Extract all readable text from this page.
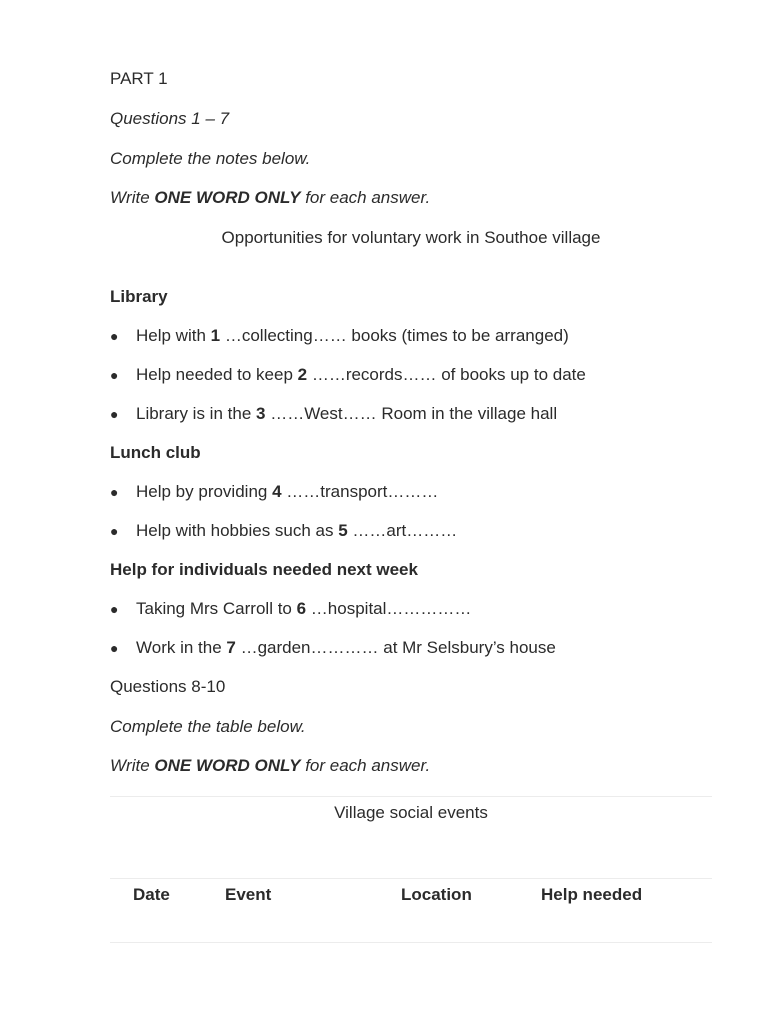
PART 1
Questions 1 – 7
Complete the notes below.
Write ONE WORD ONLY for each answer.
Opportunities for voluntary work in Southoe village
Library
● Help with 1 …collecting…… books (times to be arranged)
● Help needed to keep 2 ……records…… of books up to date
● Library is in the 3 ……West…… Room in the village hall
Lunch club
● Help by providing 4 ……transport………
● Help with hobbies such as 5 ……art………
Help for individuals needed next week
● Taking Mrs Carroll to 6 …hospital……………
● Work in the 7 …garden………… at Mr Selsbury’s house
Questions 8-10
Complete the table below.
Write ONE WORD ONLY for each answer.
Village social events
Date	Event	Location	Help needed
